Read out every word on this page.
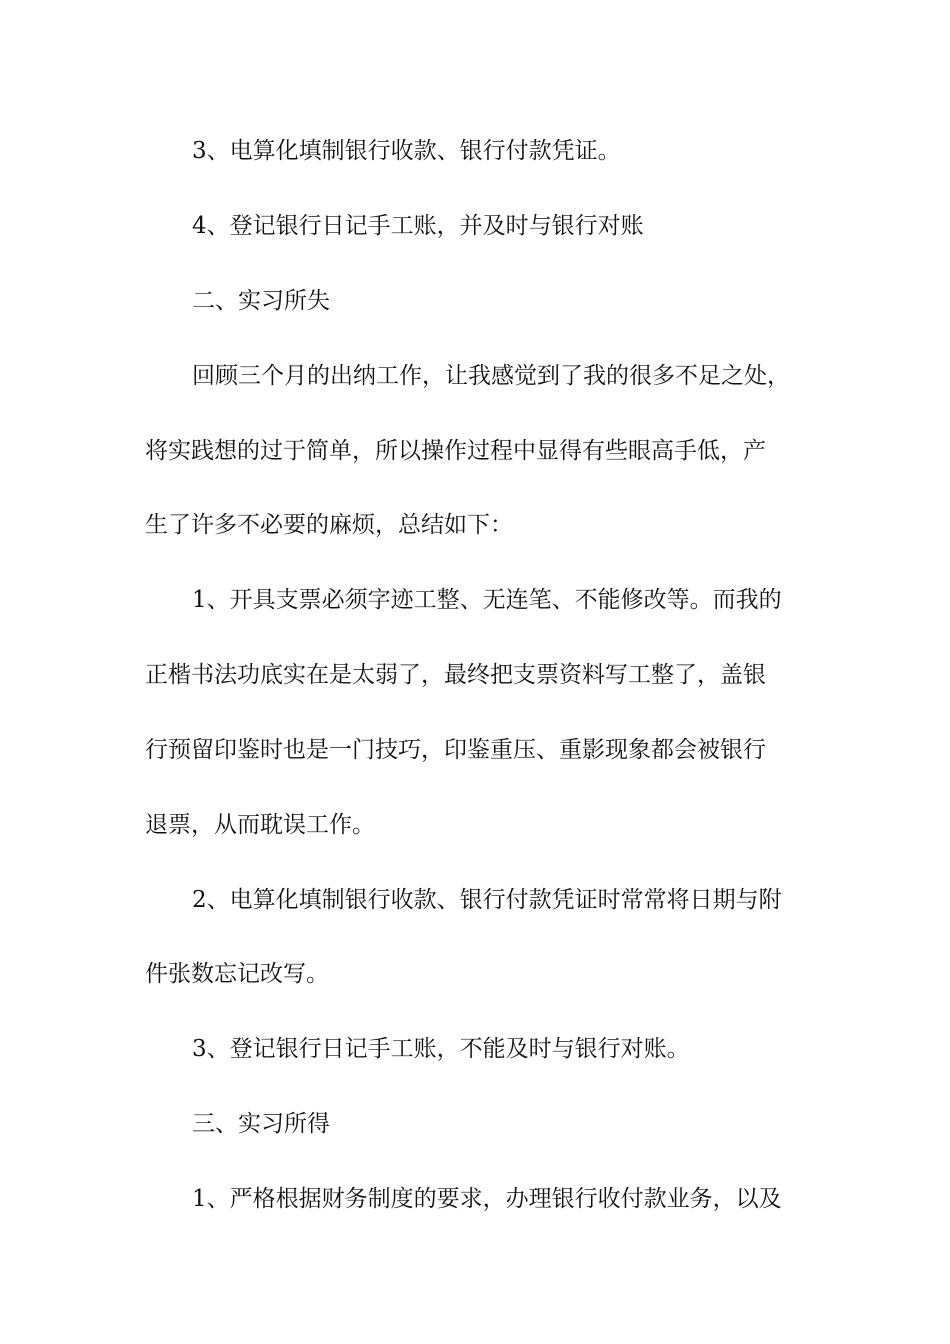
3、电算化填制银行收款、银行付款凭证。
4、登记银行日记手工账，并及时与银行对账
二、实习所失
回顾三个月的出纳工作，让我感觉到了我的很多不足之处，
将实践想的过于简单，所以操作过程中显得有些眼高手低，产
生了许多不必要的麻烦，总结如下：
1、开具支票必须字迹工整、无连笔、不能修改等。而我的
正楷书法功底实在是太弱了，最终把支票资料写工整了，盖银
行预留印鉴时也是一门技巧，印鉴重压、重影现象都会被银行
退票，从而耽误工作。
2、电算化填制银行收款、银行付款凭证时常常将日期与附
件张数忘记改写。
3、登记银行日记手工账，不能及时与银行对账。
三、实习所得
1、严格根据财务制度的要求，办理银行收付款业务，以及
